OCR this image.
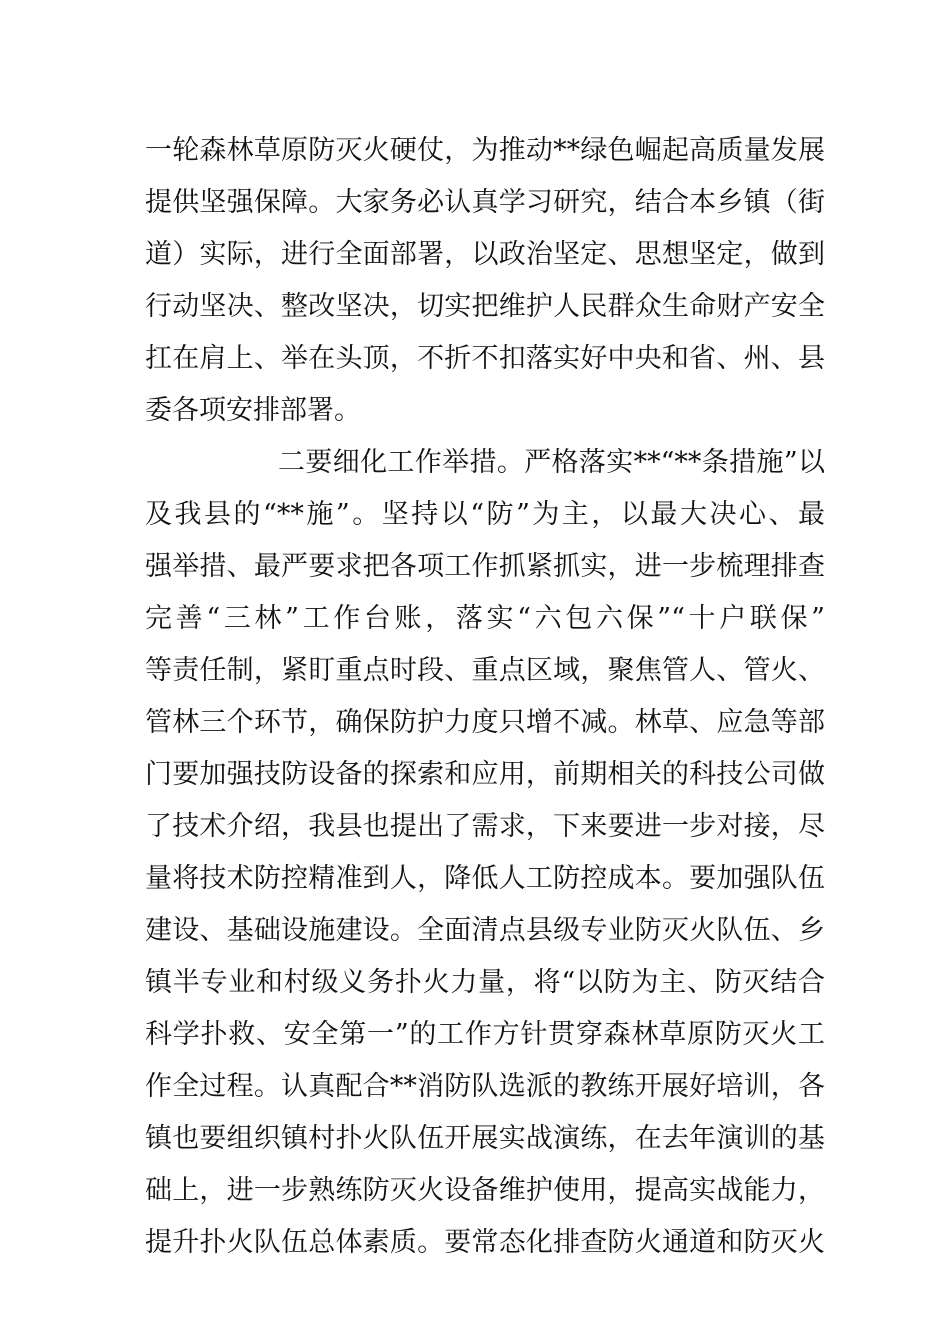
一轮森林草原防灭火硬仗，为推动**绿色崛起高质量发展
提供坚强保障。大家务必认真学习研究，结合本乡镇（街
道）实际，进行全面部署，以政治坚定、思想坚定，做到
行动坚决、整改坚决，切实把维护人民群众生命财产安全
扛在肩上、举在头顶，不折不扣落实好中央和省、州、县
委各项安排部署。
二要细化工作举措。严格落实**“**条措施”以
及我县的“**施”。坚持以“防”为主，以最大决心、最
强举措、最严要求把各项工作抓紧抓实，进一步梳理排查
完善“三林”工作台账，落实“六包六保”“十户联保”
等责任制，紧盯重点时段、重点区域，聚焦管人、管火、
管林三个环节，确保防护力度只增不减。林草、应急等部
门要加强技防设备的探索和应用，前期相关的科技公司做
了技术介绍，我县也提出了需求，下来要进一步对接，尽
量将技术防控精准到人，降低人工防控成本。要加强队伍
建设、基础设施建设。全面清点县级专业防灭火队伍、乡
镇半专业和村级义务扑火力量，将“以防为主、防灭结合
科学扑救、安全第一”的工作方针贯穿森林草原防灭火工
作全过程。认真配合**消防队选派的教练开展好培训，各
镇也要组织镇村扑火队伍开展实战演练，在去年演训的基
础上，进一步熟练防灭火设备维护使用，提高实战能力，
提升扑火队伍总体素质。要常态化排查防火通道和防灭火
